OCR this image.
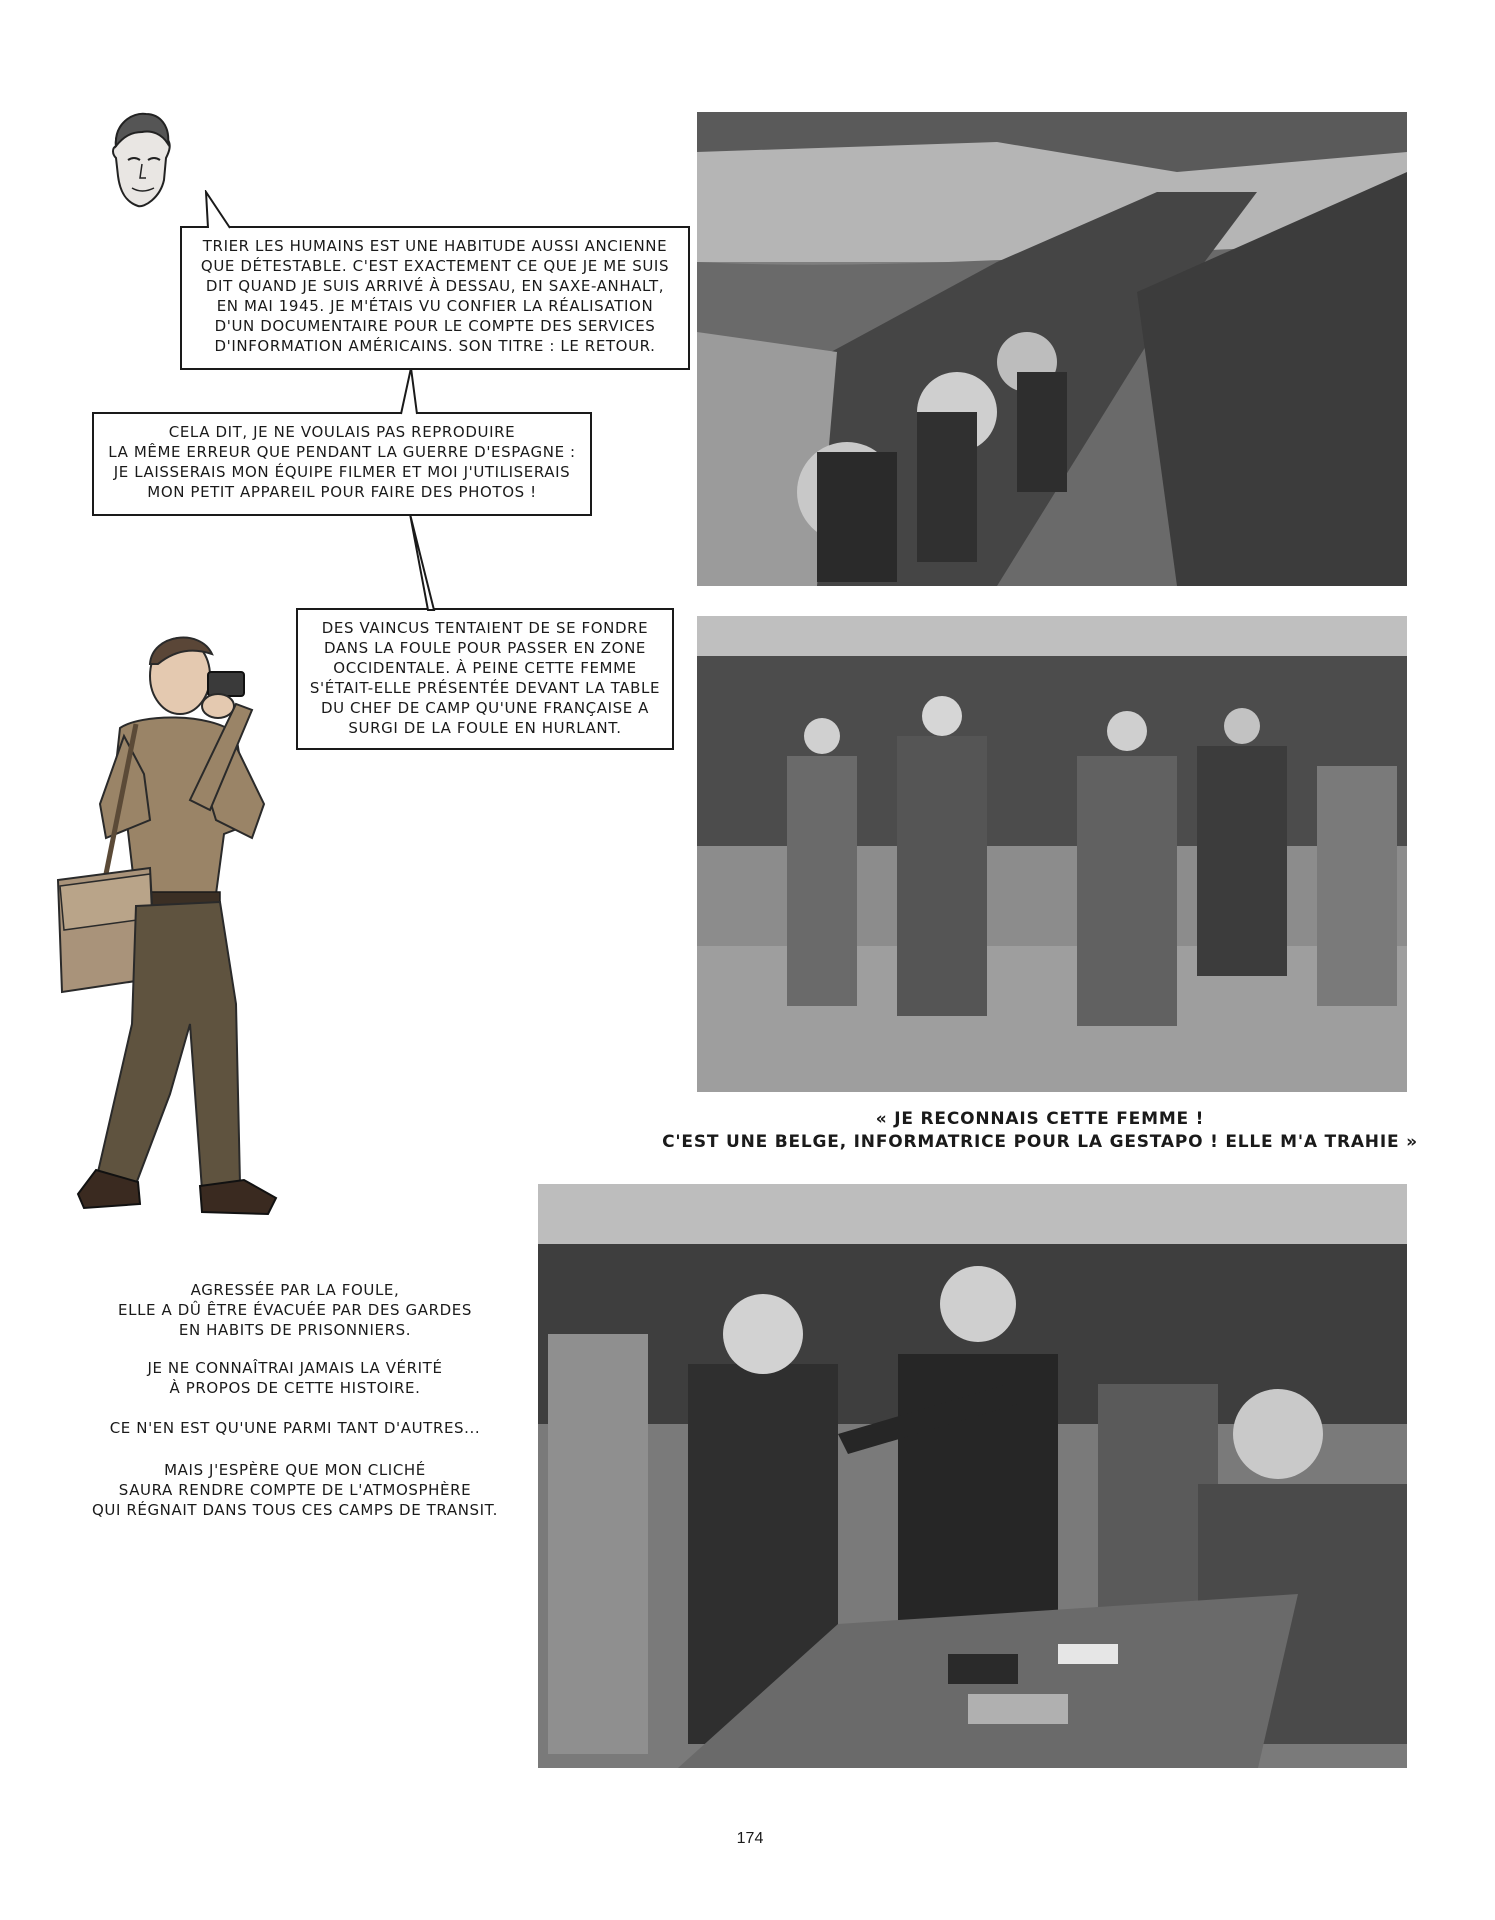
TRIER LES HUMAINS EST UNE HABITUDE AUSSI ANCIENNE
QUE DÉTESTABLE. C'EST EXACTEMENT CE QUE JE ME SUIS
DIT QUAND JE SUIS ARRIVÉ À DESSAU, EN SAXE-ANHALT,
EN MAI 1945. JE M'ÉTAIS VU CONFIER LA RÉALISATION
D'UN DOCUMENTAIRE POUR LE COMPTE DES SERVICES
D'INFORMATION AMÉRICAINS. SON TITRE : LE RETOUR.
CELA DIT, JE NE VOULAIS PAS REPRODUIRE
LA MÊME ERREUR QUE PENDANT LA GUERRE D'ESPAGNE :
JE LAISSERAIS MON ÉQUIPE FILMER ET MOI J'UTILISERAIS
MON PETIT APPAREIL POUR FAIRE DES PHOTOS !
DES VAINCUS TENTAIENT DE SE FONDRE
DANS LA FOULE POUR PASSER EN ZONE
OCCIDENTALE. À PEINE CETTE FEMME
S'ÉTAIT-ELLE PRÉSENTÉE DEVANT LA TABLE
DU CHEF DE CAMP QU'UNE FRANÇAISE A
SURGI DE LA FOULE EN HURLANT.
« JE RECONNAIS CETTE FEMME !
C'EST UNE BELGE, INFORMATRICE POUR LA GESTAPO ! ELLE M'A TRAHIE »
AGRESSÉE PAR LA FOULE,
ELLE A DÛ ÊTRE ÉVACUÉE PAR DES GARDES
EN HABITS DE PRISONNIERS.
JE NE CONNAÎTRAI JAMAIS LA VÉRITÉ
À PROPOS DE CETTE HISTOIRE.
CE N'EN EST QU'UNE PARMI TANT D'AUTRES...
MAIS J'ESPÈRE QUE MON CLICHÉ
SAURA RENDRE COMPTE DE L'ATMOSPHÈRE
QUI RÉGNAIT DANS TOUS CES CAMPS DE TRANSIT.
174
